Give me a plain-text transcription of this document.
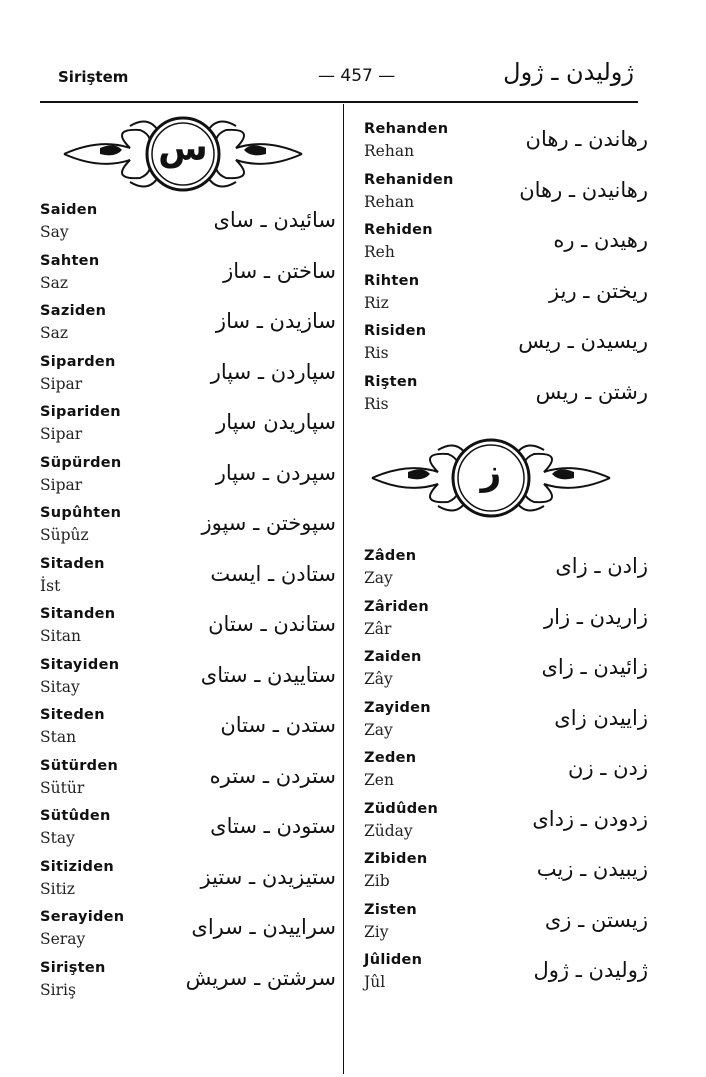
Siriştem	— 457 —	ژولیدن ـ ژول
س
ز
Saiden
Say	سائیدن ـ سای
Sahten
Saz	ساختن ـ ساز
Saziden
Saz	سازیدن ـ ساز
Siparden
Sipar	سپاردن ـ سپار
Sipariden
Sipar	سپاریدن سپار
Süpürden
Sipar	سپردن ـ سپار
Supûhten
Süpûz	سپوختن ـ سپوز
Sitaden
İst	ستادن ـ ایست
Sitanden
Sitan	ستاندن ـ ستان
Sitayiden
Sitay	ستاییدن ـ ستای
Siteden
Stan	ستدن ـ ستان
Sütürden
Sütür	ستردن ـ ستره
Sütûden
Stay	ستودن ـ ستای
Sitiziden
Sitiz	ستیزیدن ـ ستیز
Serayiden
Seray	سراییدن ـ سرای
Sirişten
Siriş	سرشتن ـ سریش
Rehanden
Rehan	رهاندن ـ رهان
Rehaniden
Rehan	رهانیدن ـ رهان
Rehiden
Reh	رهیدن ـ ره
Rihten
Riz	ریختن ـ ریز
Risiden
Ris	ریسیدن ـ ریس
Rişten
Ris	رشتن ـ ریس
Zâden
Zay	زادن ـ زای
Zâriden
Zâr	زاریدن ـ زار
Zaiden
Zây	زائیدن ـ زای
Zayiden
Zay	زاییدن زای
Zeden
Zen	زدن ـ زن
Züdûden
Züday	زدودن ـ زدای
Zibiden
Zib	زیبیدن ـ زیب
Zisten
Ziy	زیستن ـ زی
Jûliden
Jûl	ژولیدن ـ ژول
